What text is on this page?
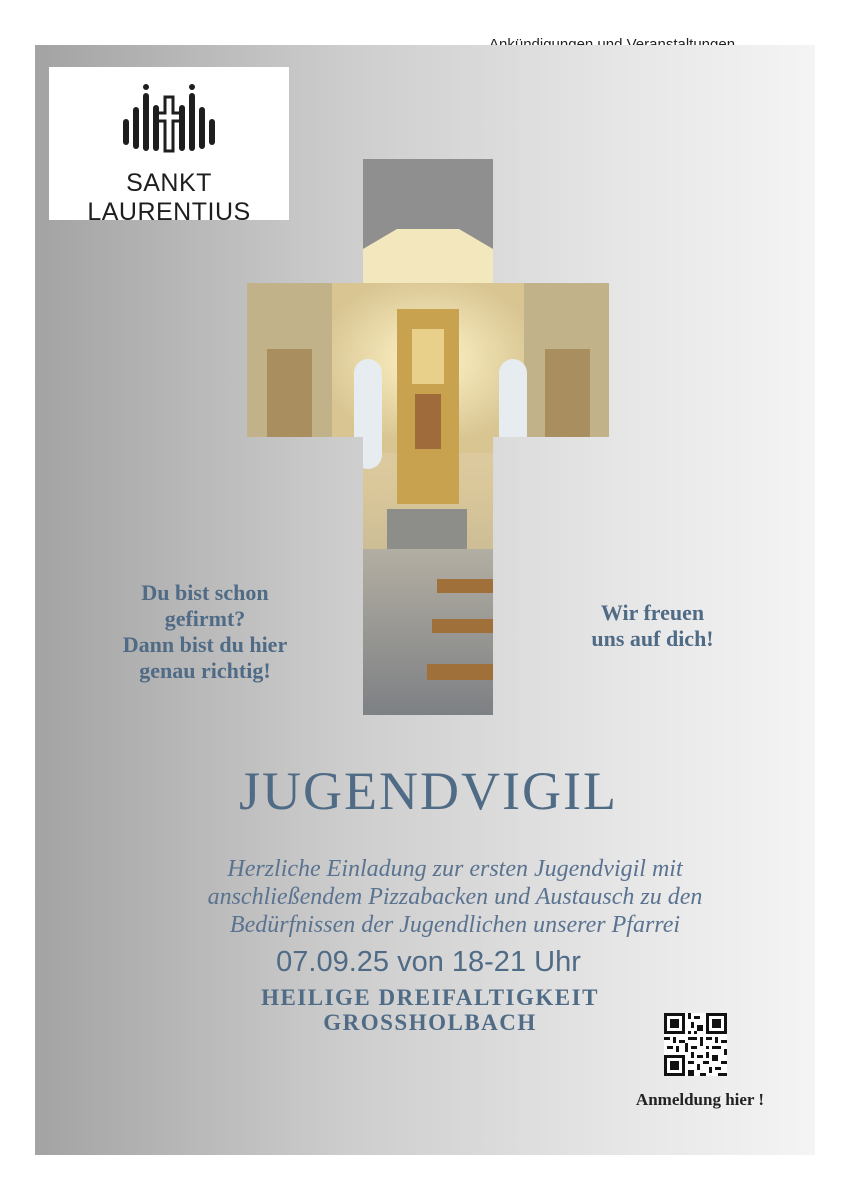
SANKT LAURENTIUS
Du bist schon
gefirmt?
Dann bist du hier
genau richtig!
Wir freuen
uns auf dich!
JUGENDVIGIL
Herzliche Einladung zur ersten Jugendvigil mit
anschließendem Pizzabacken und Austausch zu den
Bedürfnissen der Jugendlichen unserer Pfarrei
07.09.25 von 18-21 Uhr
HEILIGE DREIFALTIGKEIT
GROSSHOLBACH
Anmeldung hier !
